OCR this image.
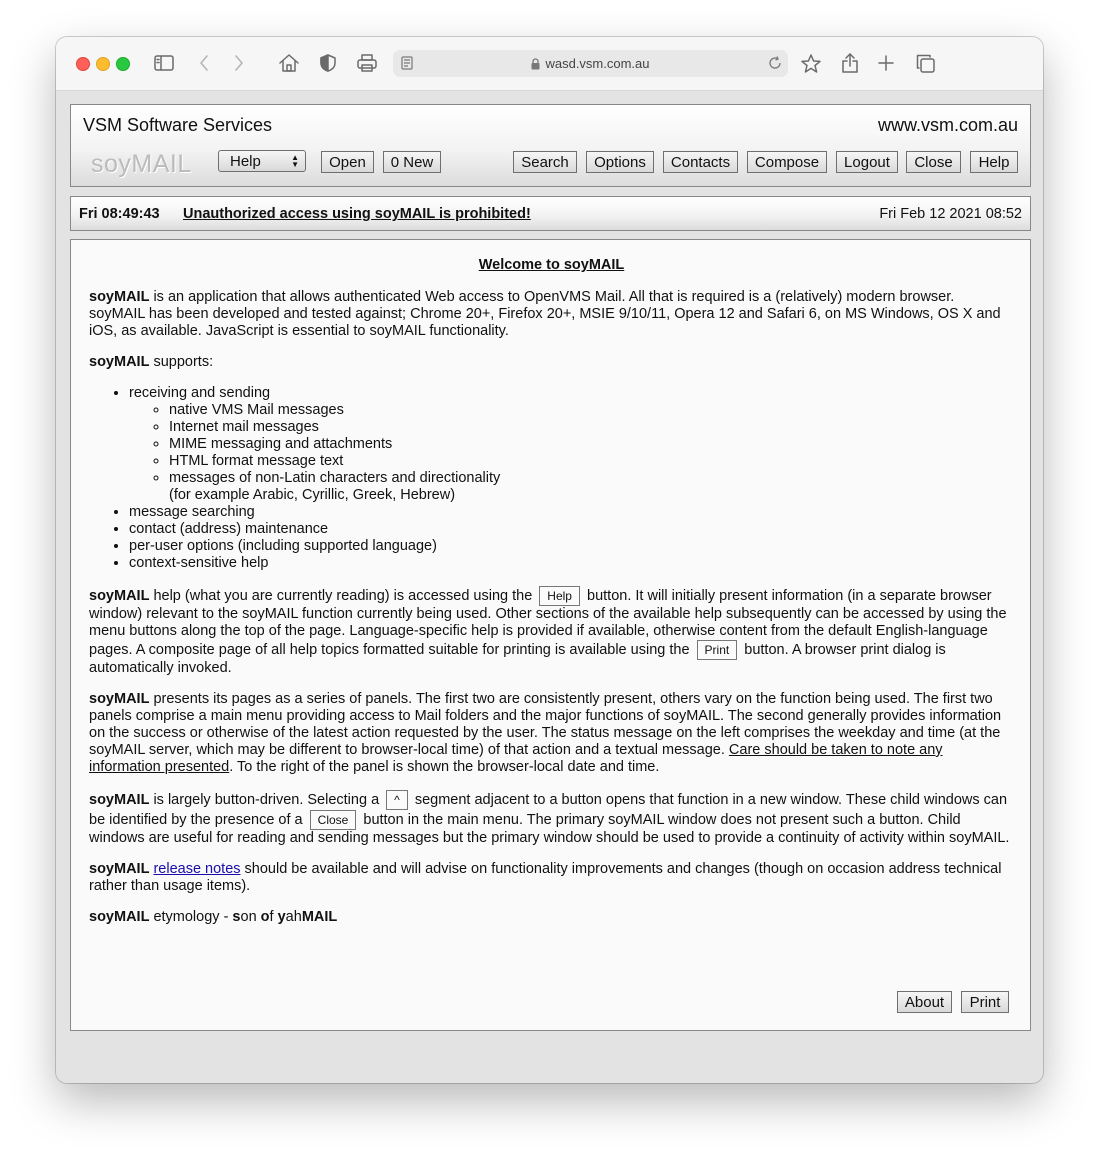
wasd.vsm.com.au
VSM Software Services	www.vsm.com.au
soyMAIL	Help	▲
▼	Open	0 New	Search	Options	Contacts	Compose	Logout	Close	Help
Fri 08:49:43 Unauthorized access using soyMAIL is prohibited!	Fri Feb 12 2021 08:52
Welcome to soyMAIL

soyMAIL is an application that allows authenticated Web access to OpenVMS Mail. All that is required is a (relatively) modern browser. soyMAIL has been developed and tested against; Chrome 20+, Firefox 20+, MSIE 9/10/11, Opera 12 and Safari 6, on MS Windows, OS X and iOS, as available. JavaScript is essential to soyMAIL functionality.

soyMAIL supports:

• receiving and sending
◦ native VMS Mail messages
◦ Internet mail messages
◦ MIME messaging and attachments
◦ HTML format message text
◦ messages of non-Latin characters and directionality
(for example Arabic, Cyrillic, Greek, Hebrew)
• message searching
• contact (address) maintenance
• per-user options (including supported language)
• context-sensitive help

soyMAIL help (what you are currently reading) is accessed using the Help button. It will initially present information (in a separate browser window) relevant to the soyMAIL function currently being used. Other sections of the available help subsequently can be accessed by using the menu buttons along the top of the page. Language-specific help is provided if available, otherwise content from the default English-language pages. A composite page of all help topics formatted suitable for printing is available using the Print button. A browser print dialog is automatically invoked.

soyMAIL presents its pages as a series of panels. The first two are consistently present, others vary on the function being used. The first two panels comprise a main menu providing access to Mail folders and the major functions of soyMAIL. The second generally provides information on the success or otherwise of the latest action requested by the user. The status message on the left comprises the weekday and time (at the soyMAIL server, which may be different to browser-local time) of that action and a textual message. Care should be taken to note any information presented. To the right of the panel is shown the browser-local date and time.

soyMAIL is largely button-driven. Selecting a ^ segment adjacent to a button opens that function in a new window. These child windows can be identified by the presence of a Close button in the main menu. The primary soyMAIL window does not present such a button. Child windows are useful for reading and sending messages but the primary window should be used to provide a continuity of activity within soyMAIL.

soyMAIL release notes should be available and will advise on functionality improvements and changes (though on occasion address technical rather than usage items).

soyMAIL etymology - son of yahMAIL

About	Print
